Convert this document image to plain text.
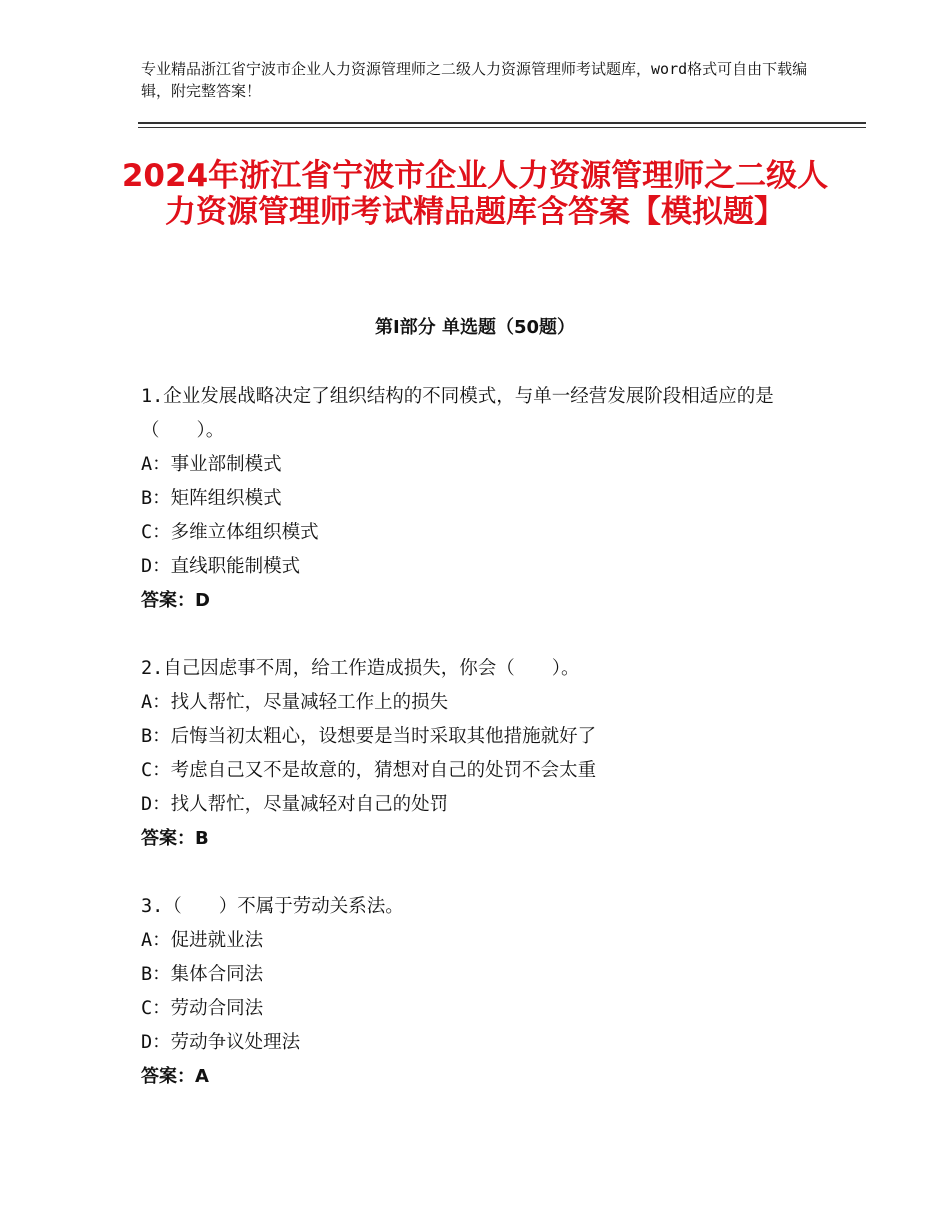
专业精品浙江省宁波市企业人力资源管理师之二级人力资源管理师考试题库，word格式可自由下载编辑，附完整答案！
2024年浙江省宁波市企业人力资源管理师之二级人力资源管理师考试精品题库含答案【模拟题】
第Ⅰ部分 单选题（50题）
1.企业发展战略决定了组织结构的不同模式，与单一经营发展阶段相适应的是（　　）。
A：事业部制模式
B：矩阵组织模式
C：多维立体组织模式
D：直线职能制模式
答案：D
2.自己因虑事不周，给工作造成损失，你会（　　）。
A：找人帮忙，尽量减轻工作上的损失
B：后悔当初太粗心，设想要是当时采取其他措施就好了
C：考虑自己又不是故意的，猜想对自己的处罚不会太重
D：找人帮忙，尽量减轻对自己的处罚
答案：B
3.（　　）不属于劳动关系法。
A：促进就业法
B：集体合同法
C：劳动合同法
D：劳动争议处理法
答案：A
